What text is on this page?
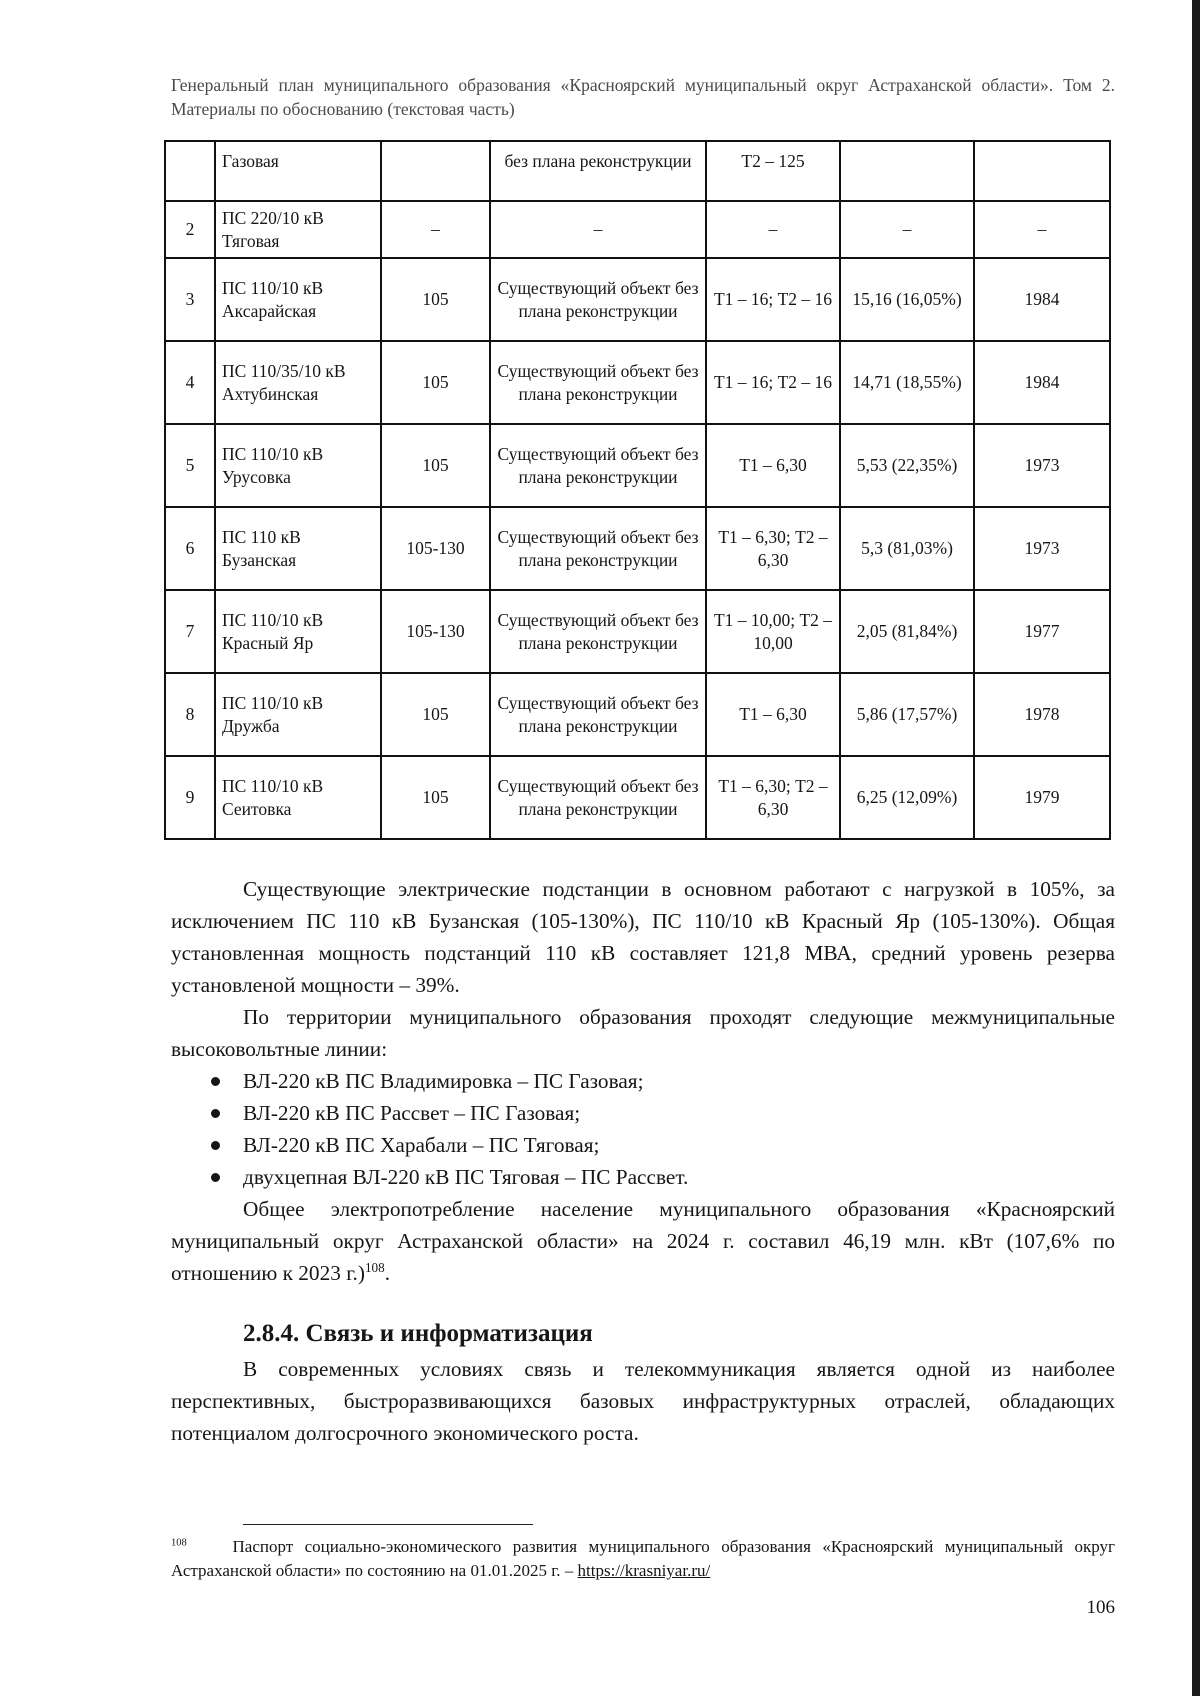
Генеральный план муниципального образования «Красноярский муниципальный округ Астраханской области». Том 2. Материалы по обоснованию (текстовая часть)
	Газовая		без плана реконструкции	Т2 – 125		
2	ПС 220/10 кВ Тяговая	–	–	–	–	–
3	ПС 110/10 кВ Аксарайская	105	Существующий объект без плана реконструкции	Т1 – 16; Т2 – 16	15,16 (16,05%)	1984
4	ПС 110/35/10 кВ Ахтубинская	105	Существующий объект без плана реконструкции	Т1 – 16; Т2 – 16	14,71 (18,55%)	1984
5	ПС 110/10 кВ Урусовка	105	Существующий объект без плана реконструкции	Т1 – 6,30	5,53 (22,35%)	1973
6	ПС 110 кВ Бузанская	105-130	Существующий объект без плана реконструкции	Т1 – 6,30; Т2 – 6,30	5,3 (81,03%)	1973
7	ПС 110/10 кВ Красный Яр	105-130	Существующий объект без плана реконструкции	Т1 – 10,00; Т2 – 10,00	2,05 (81,84%)	1977
8	ПС 110/10 кВ Дружба	105	Существующий объект без плана реконструкции	Т1 – 6,30	5,86 (17,57%)	1978
9	ПС 110/10 кВ Сеитовка	105	Существующий объект без плана реконструкции	Т1 – 6,30; Т2 – 6,30	6,25 (12,09%)	1979

Существующие электрические подстанции в основном работают с нагрузкой в 105%, за исключением ПС 110 кВ Бузанская (105-130%), ПС 110/10 кВ Красный Яр (105-130%). Общая установленная мощность подстанций 110 кВ составляет 121,8 МВА, средний уровень резерва установленой мощности – 39%.

По территории муниципального образования проходят следующие межмуниципальные высоковольтные линии:

ВЛ-220 кВ ПС Владимировка – ПС Газовая;
ВЛ-220 кВ ПС Рассвет – ПС Газовая;
ВЛ-220 кВ ПС Харабали – ПС Тяговая;
двухцепная ВЛ-220 кВ ПС Тяговая – ПС Рассвет.

Общее электропотребление население муниципального образования «Красноярский муниципальный округ Астраханской области» на 2024 г. составил 46,19 млн. кВт (107,6% по отношению к 2023 г.)$^{108}$.

2.8.4. Связь и информатизация

В современных условиях связь и телекоммуникация является одной из наиболее перспективных, быстроразвивающихся базовых инфраструктурных отраслей, обладающих потенциалом долгосрочного экономического роста.

$^{108}$	Паспорт социально-экономического развития муниципального образования «Красноярский муниципальный округ Астраханской области» по состоянию на 01.01.2025 г. – https://krasniyar.ru/
106
